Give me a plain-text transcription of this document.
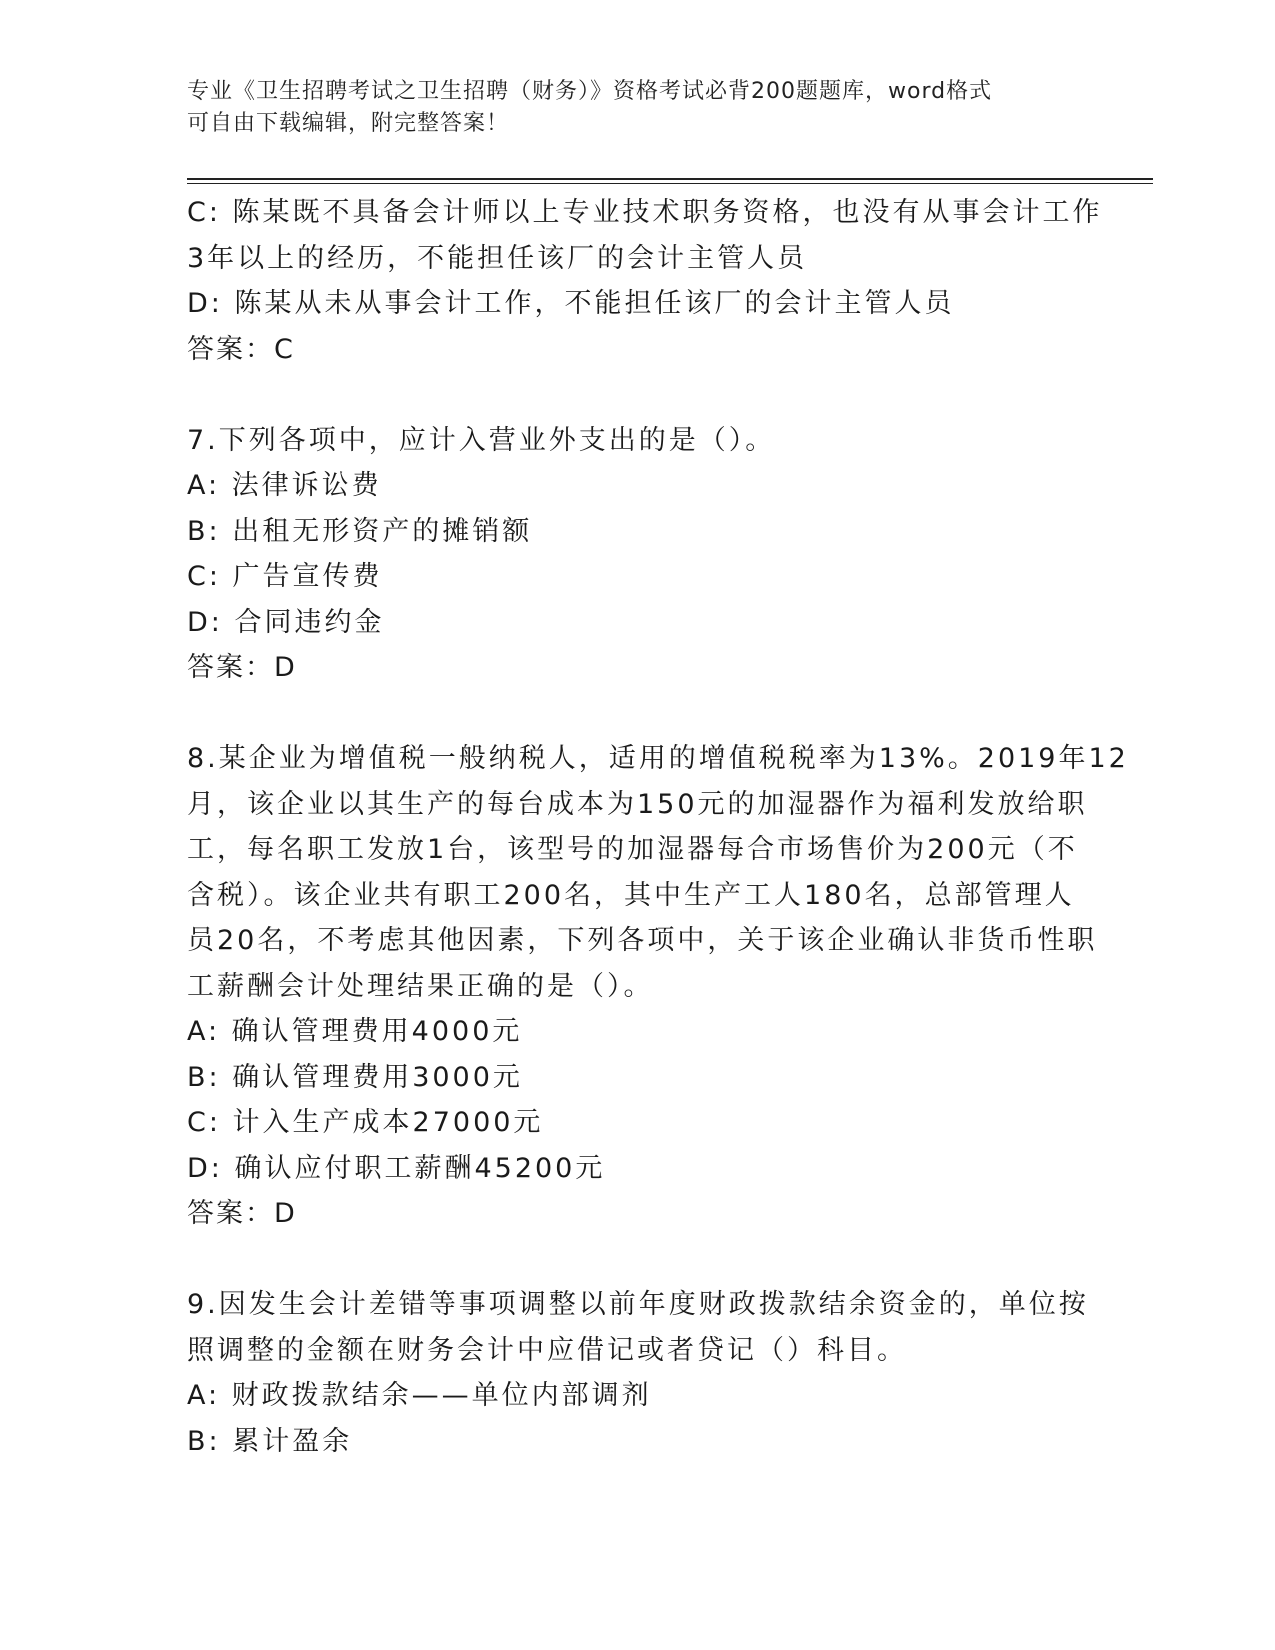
专业《卫生招聘考试之卫生招聘（财务）》资格考试必背200题题库，word格式
可自由下载编辑，附完整答案！

C: 陈某既不具备会计师以上专业技术职务资格，也没有从事会计工作

3年以上的经历，不能担任该厂的会计主管人员

D: 陈某从未从事会计工作，不能担任该厂的会计主管人员

答案：C

7.下列各项中，应计入营业外支出的是（）。

A: 法律诉讼费

B: 出租无形资产的摊销额

C: 广告宣传费

D: 合同违约金

答案：D

8.某企业为增值税一般纳税人，适用的增值税税率为13%。2019年12

月，该企业以其生产的每台成本为150元的加湿器作为福利发放给职

工，每名职工发放1台，该型号的加湿器每合市场售价为200元（不

含税）。该企业共有职工200名，其中生产工人180名，总部管理人

员20名，不考虑其他因素，下列各项中，关于该企业确认非货币性职

工薪酬会计处理结果正确的是（）。

A: 确认管理费用4000元

B: 确认管理费用3000元

C: 计入生产成本27000元

D: 确认应付职工薪酬45200元

答案：D

9.因发生会计差错等事项调整以前年度财政拨款结余资金的，单位按

照调整的金额在财务会计中应借记或者贷记（）科目。

A: 财政拨款结余——单位内部调剂

B: 累计盈余
